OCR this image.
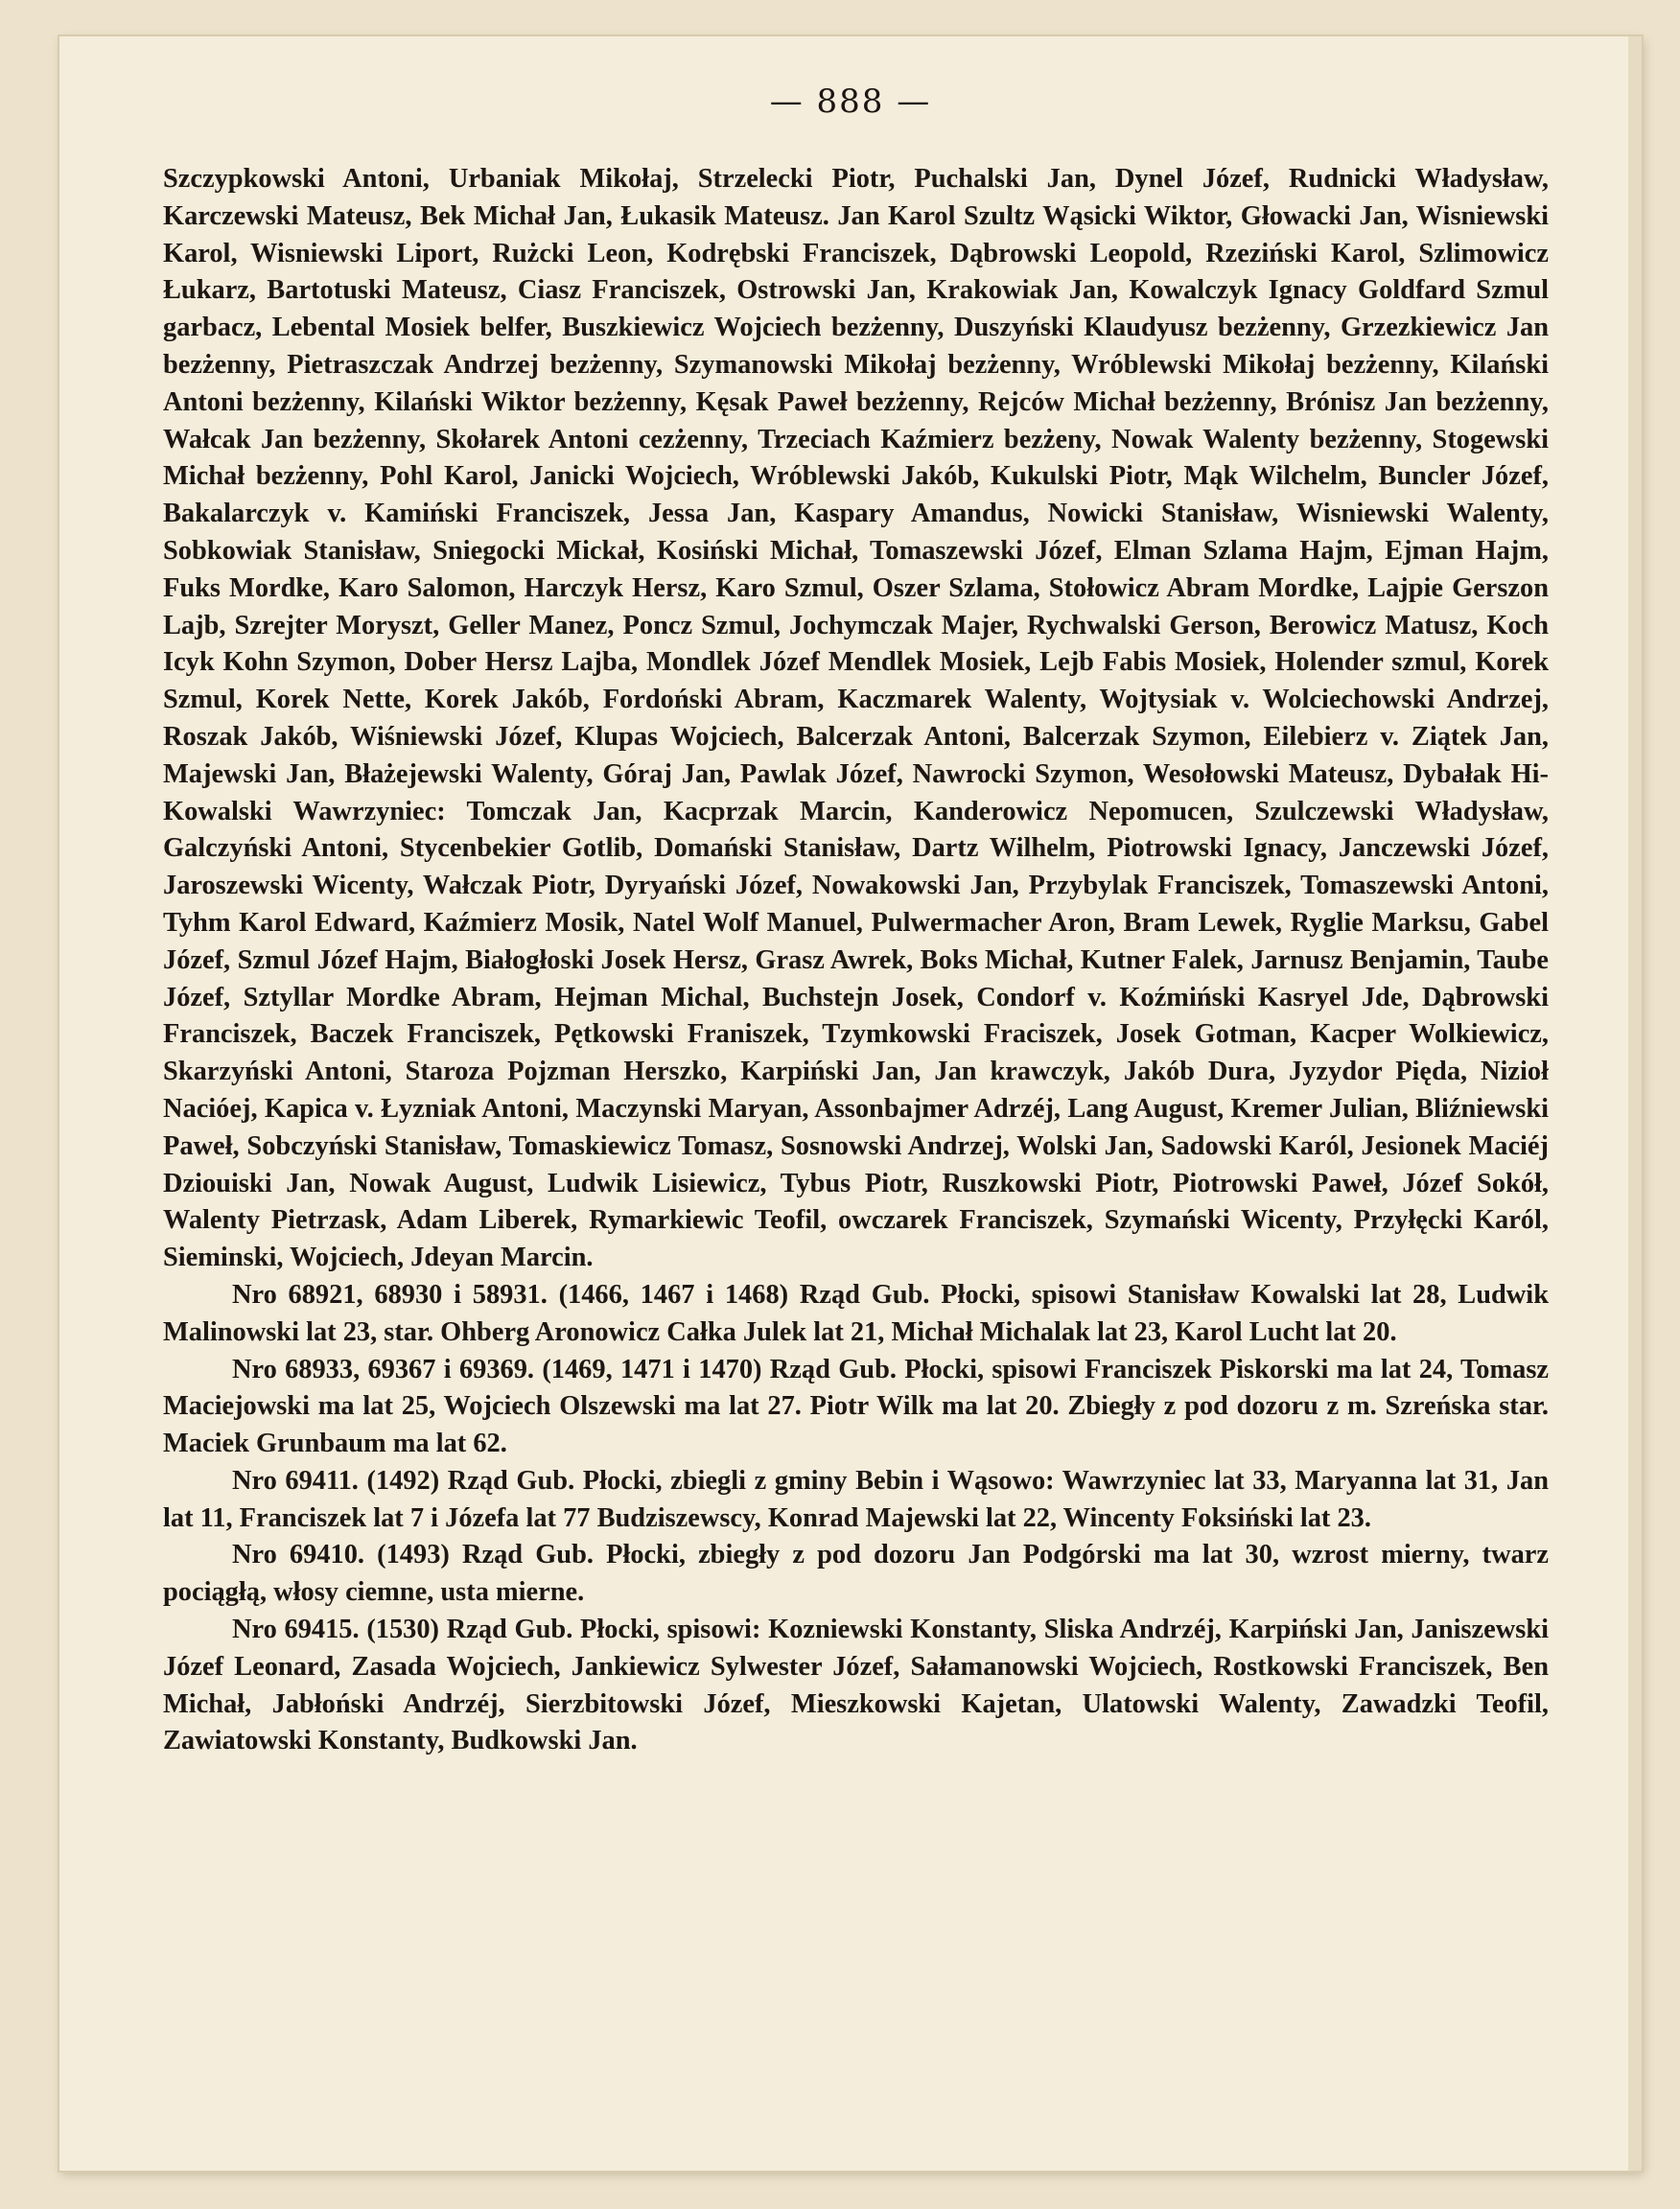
— 888 —

Szczypkowski Antoni, Urbaniak Mikołaj, Strzelecki Piotr, Puchalski Jan, Dynel Józef, Rudnicki Władysław, Karczewski Mateusz, Bek Michał Jan, Łukasik Mateusz. Jan Karol Szultz Wąsicki Wiktor, Głowacki Jan, Wisniewski Karol, Wisniewski Liport, Rużcki Leon, Kodrębski Franciszek, Dąbrowski Leopold, Rzeziński Karol, Szlimowicz Łukarz, Bartotuski Mateusz, Ciasz Franciszek, Ostrowski Jan, Krakowiak Jan, Kowalczyk Ignacy Goldfard Szmul garbacz, Lebental Mosiek belfer, Buszkiewicz Wojciech bezżenny, Duszyński Klaudyusz bezżenny, Grzezkiewicz Jan bezżenny, Pietraszczak Andrzej bezżenny, Szymanowski Mikołaj bezżenny, Wróblewski Mikołaj bezżenny, Kilański Antoni bezżenny, Kilański Wiktor bezżenny, Kęsak Paweł bezżenny, Rejców Michał bezżenny, Brónisz Jan bezżenny, Wałcak Jan bezżenny, Skołarek Antoni cezżenny, Trzeciach Kaźmierz bezżeny, Nowak Walenty bezżenny, Stogewski Michał bezżenny, Pohl Karol, Janicki Wojciech, Wróblewski Jakób, Kukulski Piotr, Mąk Wilchelm, Buncler Józef, Bakalarczyk v. Kamiński Franciszek, Jessa Jan, Kaspary Amandus, Nowicki Stanisław, Wisniewski Walenty, Sobkowiak Stanisław, Sniegocki Mickał, Kosiński Michał, Tomaszewski Józef, Elman Szlama Hajm, Ejman Hajm, Fuks Mordke, Karo Salomon, Harczyk Hersz, Karo Szmul, Oszer Szlama, Stołowicz Abram Mordke, Lajpie Gerszon Lajb, Szrejter Moryszt, Geller Manez, Poncz Szmul, Jochymczak Majer, Rychwalski Gerson, Berowicz Matusz, Koch Icyk Kohn Szymon, Dober Hersz Lajba, Mondlek Józef Mendlek Mosiek, Lejb Fabis Mosiek, Holender szmul, Korek Szmul, Korek Nette, Korek Jakób, Fordoński Abram, Kaczmarek Walenty, Wojtysiak v. Wolciechowski Andrzej, Roszak Jakób, Wiśniewski Józef, Klupas Wojciech, Balcerzak Antoni, Balcerzak Szymon, Eilebierz v. Ziątek Jan, Majewski Jan, Błażejewski Walenty, Góraj Jan, Pawlak Józef, Nawrocki Szymon, Wesołowski Mateusz, Dybałak Hi-Kowalski Wawrzyniec: Tomczak Jan, Kacprzak Marcin, Kanderowicz Nepomucen, Szulczewski Władysław, Galczyński Antoni, Stycenbekier Gotlib, Domański Stanisław, Dartz Wilhelm, Piotrowski Ignacy, Janczewski Józef, Jaroszewski Wicenty, Wałczak Piotr, Dyryański Józef, Nowakowski Jan, Przybylak Franciszek, Tomaszewski Antoni, Tyhm Karol Edward, Kaźmierz Mosik, Natel Wolf Manuel, Pulwermacher Aron, Bram Lewek, Ryglie Marksu, Gabel Józef, Szmul Józef Hajm, Białogłoski Josek Hersz, Grasz Awrek, Boks Michał, Kutner Falek, Jarnusz Benjamin, Taube Józef, Sztyllar Mordke Abram, Hejman Michal, Buchstejn Josek, Condorf v. Koźmiński Kasryel Jde, Dąbrowski Franciszek, Baczek Franciszek, Pętkowski Franiszek, Tzymkowski Fraciszek, Josek Gotman, Kacper Wolkiewicz, Skarzyński Antoni, Staroza Pojzman Herszko, Karpiński Jan, Jan krawczyk, Jakób Dura, Jyzydor Pięda, Nizioł Nacióej, Kapica v. Łyzniak Antoni, Maczynski Maryan, Assonbajmer Adrzéj, Lang August, Kremer Julian, Bliźniewski Paweł, Sobczyński Stanisław, Tomaskiewicz Tomasz, Sosnowski Andrzej, Wolski Jan, Sadowski Karól, Jesionek Maciéj Dziouiski Jan, Nowak August, Ludwik Lisiewicz, Tybus Piotr, Ruszkowski Piotr, Piotrowski Paweł, Józef Sokół, Walenty Pietrzask, Adam Liberek, Rymarkiewic Teofil, owczarek Franciszek, Szymański Wicenty, Przyłęcki Karól, Sieminski, Wojciech, Jdeyan Marcin.

Nro 68921, 68930 i 58931. (1466, 1467 i 1468) Rząd Gub. Płocki, spisowi Stanisław Kowalski lat 28, Ludwik Malinowski lat 23, star. Ohberg Aronowicz Całka Julek lat 21, Michał Michalak lat 23, Karol Lucht lat 20.

Nro 68933, 69367 i 69369. (1469, 1471 i 1470) Rząd Gub. Płocki, spisowi Franciszek Piskorski ma lat 24, Tomasz Maciejowski ma lat 25, Wojciech Olszewski ma lat 27. Piotr Wilk ma lat 20. Zbiegły z pod dozoru z m. Szreńska star. Maciek Grunbaum ma lat 62.

Nro 69411. (1492) Rząd Gub. Płocki, zbiegli z gminy Bebin i Wąsowo: Wawrzyniec lat 33, Maryanna lat 31, Jan lat 11, Franciszek lat 7 i Józefa lat 77 Budziszewscy, Konrad Majewski lat 22, Wincenty Foksiński lat 23.

Nro 69410. (1493) Rząd Gub. Płocki, zbiegły z pod dozoru Jan Podgórski ma lat 30, wzrost mierny, twarz pociągłą, włosy ciemne, usta mierne.

Nro 69415. (1530) Rząd Gub. Płocki, spisowi: Kozniewski Konstanty, Sliska Andrzéj, Karpiński Jan, Janiszewski Józef Leonard, Zasada Wojciech, Jankiewicz Sylwester Józef, Sałamanowski Wojciech, Rostkowski Franciszek, Ben Michał, Jabłoński Andrzéj, Sierzbitowski Józef, Mieszkowski Kajetan, Ulatowski Walenty, Zawadzki Teofil, Zawiatowski Konstanty, Budkowski Jan.
